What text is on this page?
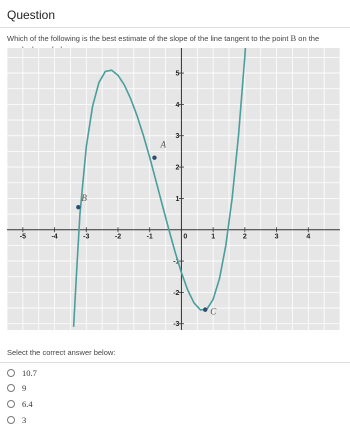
Question
Which of the following is the best estimate of the slope of the line tangent to the point B on the
-5	-4	-3	-2	-1	0	1	2	3	4
5
4
3
2
1
-1
-2
-3
B
A
C
Select the correct answer below:
10.7
9
6.4
3
